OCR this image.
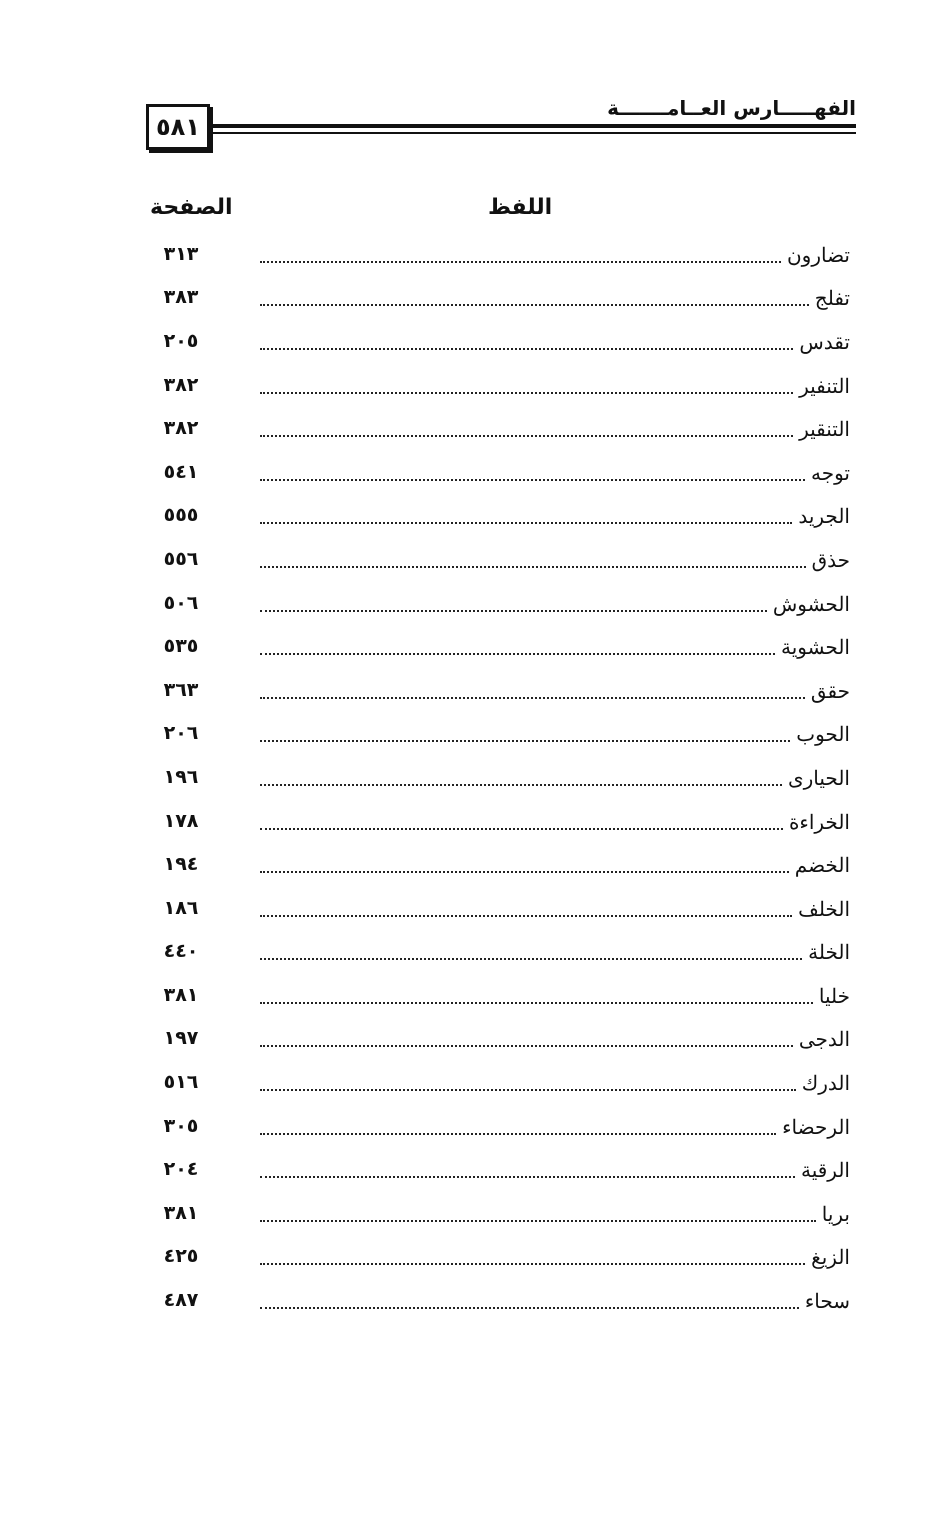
٥٨١
الفهـــــارس العــامـــــــة
الصفحة	اللفظ
٣١٣	تضارون
٣٨٣	تفلج
٢٠٥	تقدس
٣٨٢	التنفير
٣٨٢	التنقير
٥٤١	توجه
٥٥٥	الجريد
٥٥٦	حذق
٥٠٦	الحشوش
٥٣٥	الحشوية
٣٦٣	حقق
٢٠٦	الحوب
١٩٦	الحيارى
١٧٨	الخراءة
١٩٤	الخضم
١٨٦	الخلف
٤٤٠	الخلة
٣٨١	خليا
١٩٧	الدجى
٥١٦	الدرك
٣٠٥	الرحضاء
٢٠٤	الرقية
٣٨١	بريا
٤٢٥	الزيغ
٤٨٧	سحاء
